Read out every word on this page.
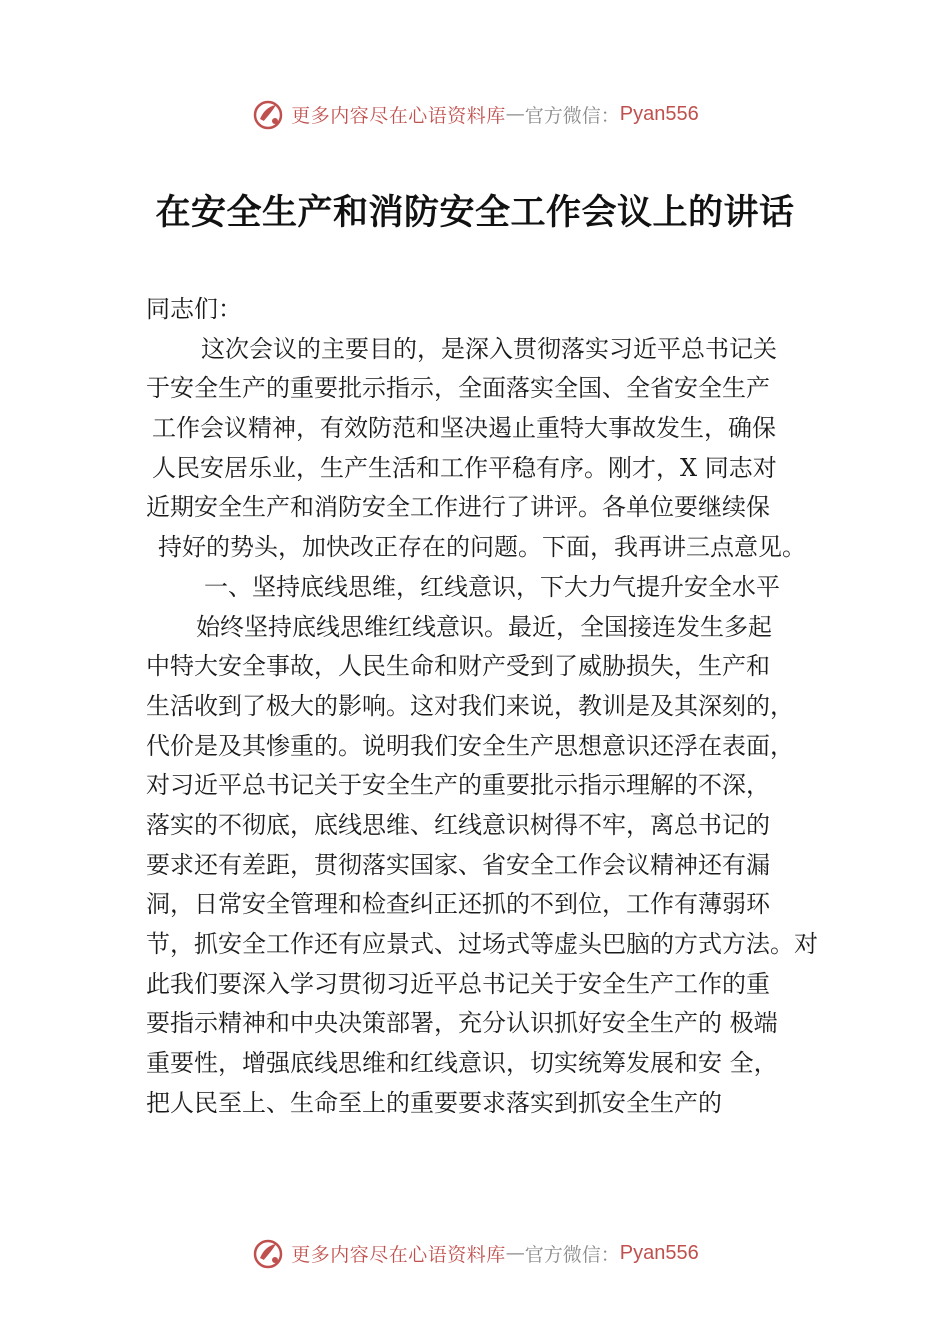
更多内容尽在心语资料库 — 官方微信： Pyan556
在安全生产和消防安全工作会议上的讲话
同志们：
这次会议的主要目的，是深入贯彻落实习近平总书记关
于安全生产的重要批示指示，全面落实全国、全省安全生产
工作会议精神，有效防范和坚决遏止重特大事故发生，确保
人民安居乐业，生产生活和工作平稳有序。刚才，X 同志对
近期安全生产和消防安全工作进行了讲评。各单位要继续保
持好的势头，加快改正存在的问题。下面，我再讲三点意见。
一、坚持底线思维，红线意识，下大力气提升安全水平
始终坚持底线思维红线意识。最近，全国接连发生多起
中特大安全事故，人民生命和财产受到了威胁损失，生产和
生活收到了极大的影响。这对我们来说，教训是及其深刻的，
代价是及其惨重的。说明我们安全生产思想意识还浮在表面，
对习近平总书记关于安全生产的重要批示指示理解的不深，
落实的不彻底，底线思维、红线意识树得不牢，离总书记的
要求还有差距，贯彻落实国家、省安全工作会议精神还有漏
洞，日常安全管理和检查纠正还抓的不到位，工作有薄弱环
节，抓安全工作还有应景式、过场式等虚头巴脑的方式方法。对
此我们要深入学习贯彻习近平总书记关于安全生产工作的重
要指示精神和中央决策部署，充分认识抓好安全生产的 极端
重要性，增强底线思维和红线意识，切实统筹发展和安 全，
把人民至上、生命至上的重要要求落实到抓安全生产的
更多内容尽在心语资料库 — 官方微信： Pyan556
